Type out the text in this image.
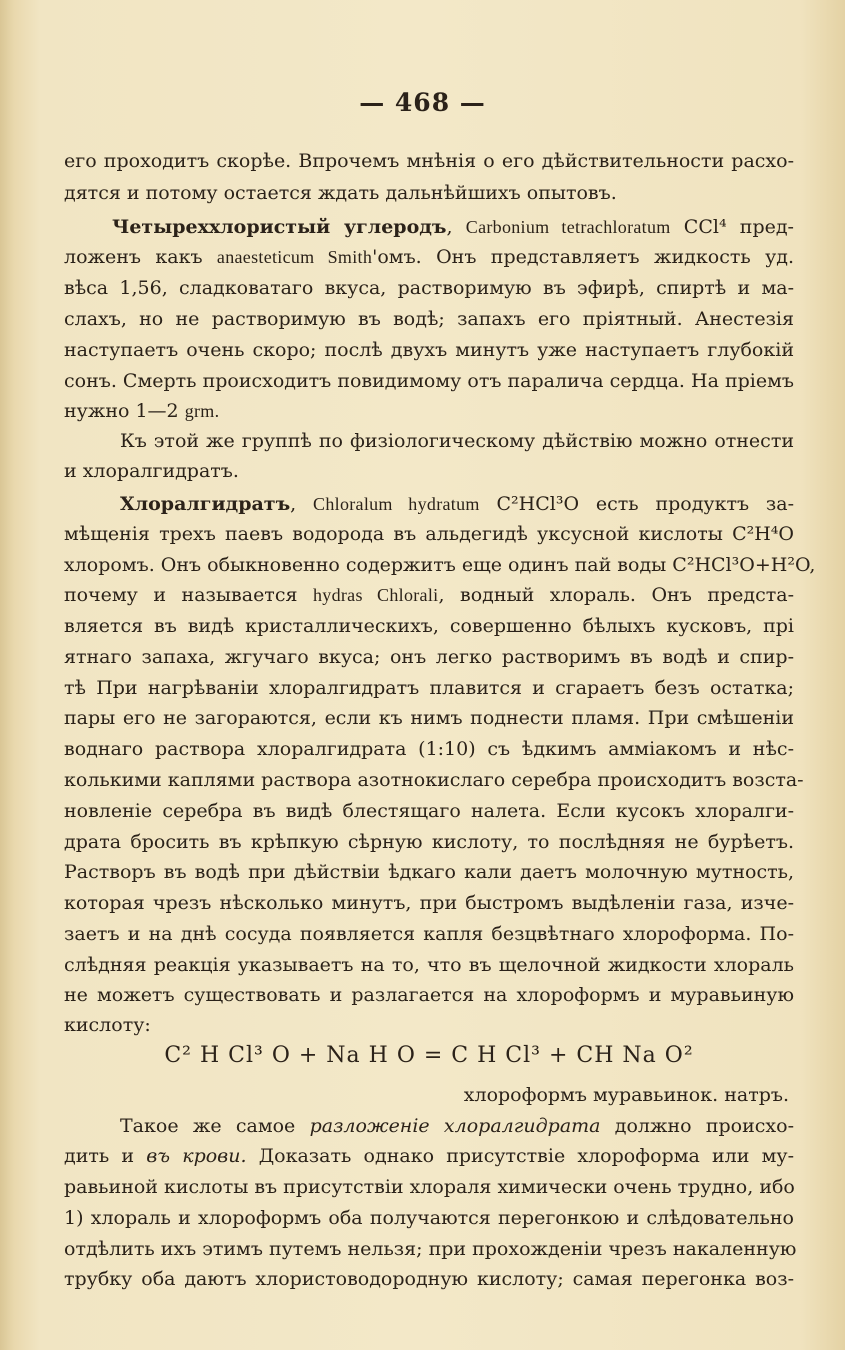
— 468 —

его проходитъ скорѣе. Впрочемъ мнѣнія о его дѣйствительности расхо-

дятся и потому остается ждать дальнѣйшихъ опытовъ.

Четыреххлористый углеродъ, Carbonium tetrachloratum CCl⁴ пред-

ложенъ какъ anaesteticum Smith'омъ. Онъ представляетъ жидкость уд.

вѣса 1,56, сладковатаго вкуса, растворимую въ эфирѣ, спиртѣ и ма-

слахъ, но не растворимую въ водѣ; запахъ его пріятный. Анестезія

наступаетъ очень скоро; послѣ двухъ минутъ уже наступаетъ глубокій

сонъ. Смерть происходитъ повидимому отъ паралича сердца. На пріемъ

нужно 1—2 grm.

Къ этой же группѣ по физіологическому дѣйствію можно отнести

и хлоралгидратъ.

Хлоралгидратъ, Chloralum hydratum C²HCl³O есть продуктъ за-

мѣщенія трехъ паевъ водорода въ альдегидѣ уксусной кислоты C²H⁴O

хлоромъ. Онъ обыкновенно содержитъ еще одинъ пай воды C²HCl³O+H²O,

почему и называется hydras Chlorali, водный хлораль. Онъ предста-

вляется въ видѣ кристаллическихъ, совершенно бѣлыхъ кусковъ, прі

ятнаго запаха, жгучаго вкуса; онъ легко растворимъ въ водѣ и спир-

тѣ При нагрѣваніи хлоралгидратъ плавится и сгараетъ безъ остатка;

пары его не загораются, если къ нимъ поднести пламя. При смѣшеніи

воднаго раствора хлоралгидрата (1:10) съ ѣдкимъ амміакомъ и нѣс-

колькими каплями раствора азотнокислаго серебра происходитъ возста-

новленіе серебра въ видѣ блестящаго налета. Если кусокъ хлоралги-

драта бросить въ крѣпкую сѣрную кислоту, то послѣдняя не бурѣетъ.

Растворъ въ водѣ при дѣйствіи ѣдкаго кали даетъ молочную мутность,

которая чрезъ нѣсколько минутъ, при быстромъ выдѣленіи газа, изче-

заетъ и на днѣ сосуда появляется капля безцвѣтнаго хлороформа. По-

слѣдняя реакція указываетъ на то, что въ щелочной жидкости хлораль

не можетъ существовать и разлагается на хлороформъ и муравьиную

кислоту:

C² H Cl³ O + Na H O = C H Cl³ + CH Na O²

хлороформъ муравьинок. натръ.

Такое же самое разложеніе хлоралгидрата должно происхо-

дить и въ крови. Доказать однако присутствіе хлороформа или му-

равьиной кислоты въ присутствіи хлораля химически очень трудно, ибо

1) хлораль и хлороформъ оба получаются перегонкою и слѣдовательно

отдѣлить ихъ этимъ путемъ нельзя; при прохожденіи чрезъ накаленную

трубку оба даютъ хлористоводородную кислоту; самая перегонка воз-
